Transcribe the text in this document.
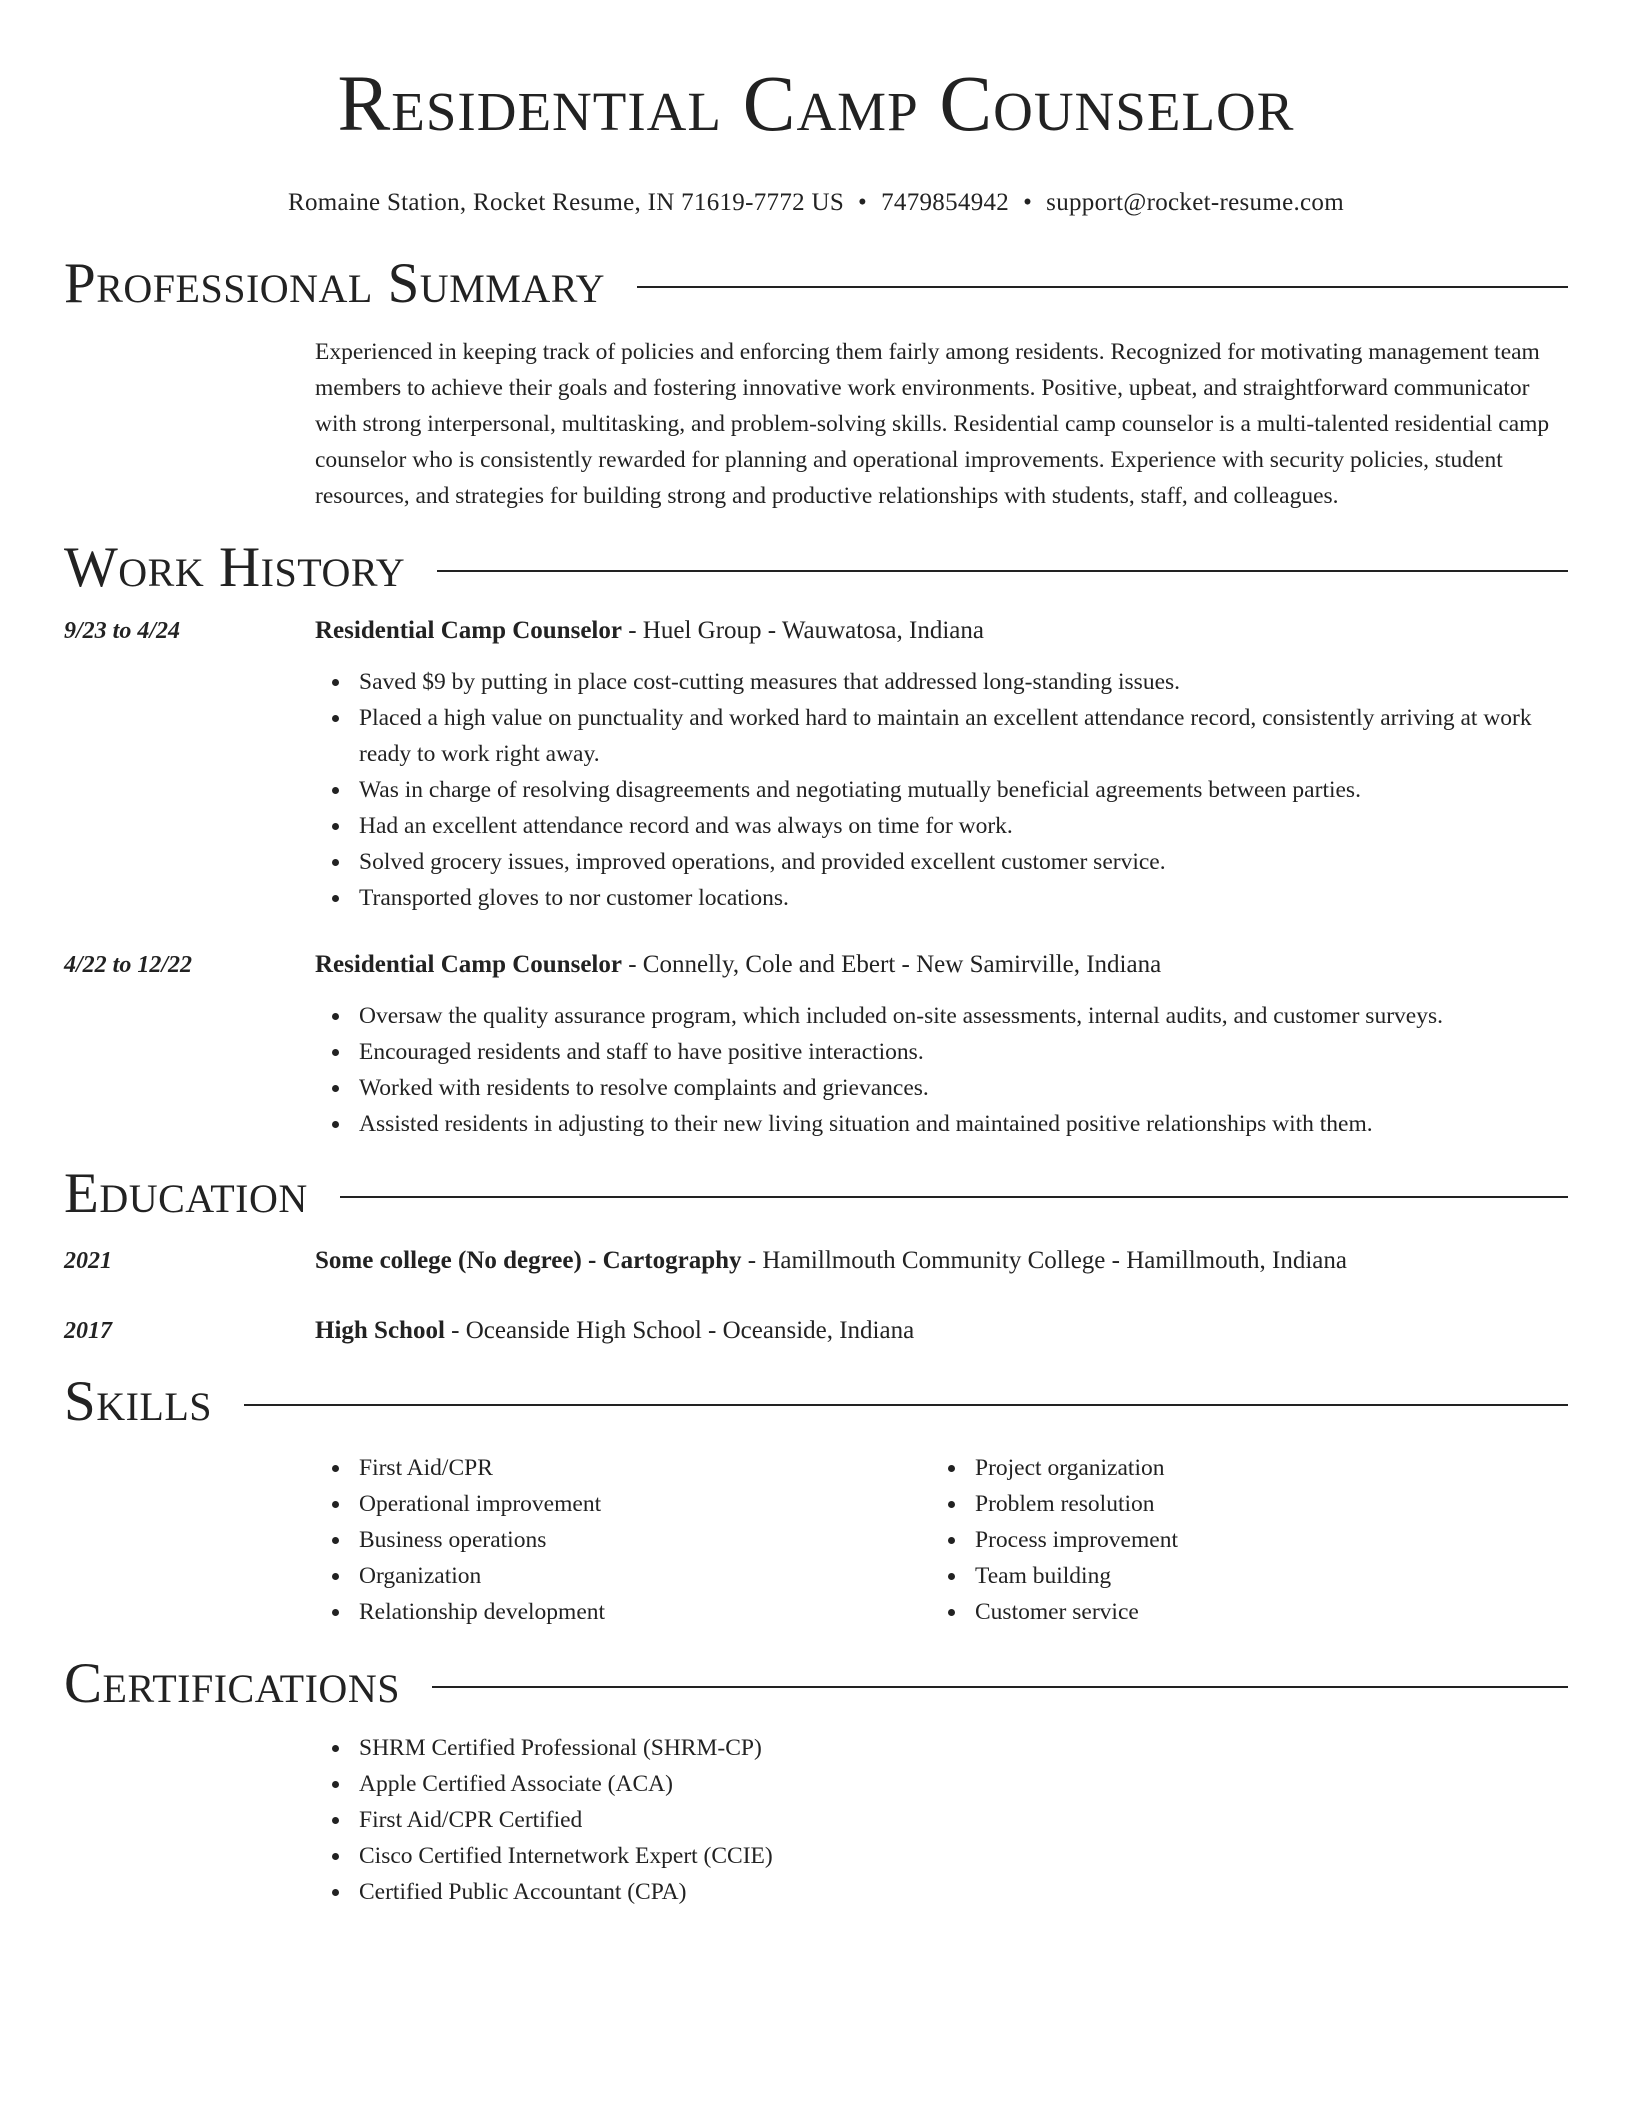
Residential Camp Counselor
Romaine Station, Rocket Resume, IN 71619-7772 US • 7479854942 • support@rocket-resume.com
Professional Summary
Experienced in keeping track of policies and enforcing them fairly among residents. Recognized for motivating management team members to achieve their goals and fostering innovative work environments. Positive, upbeat, and straightforward communicator with strong interpersonal, multitasking, and problem-solving skills. Residential camp counselor is a multi-talented residential camp counselor who is consistently rewarded for planning and operational improvements. Experience with security policies, student resources, and strategies for building strong and productive relationships with students, staff, and colleagues.
Work History
9/23 to 4/24	Residential Camp Counselor - Huel Group - Wauwatosa, Indiana
Saved $9 by putting in place cost-cutting measures that addressed long-standing issues.
Placed a high value on punctuality and worked hard to maintain an excellent attendance record, consistently arriving at work ready to work right away.
Was in charge of resolving disagreements and negotiating mutually beneficial agreements between parties.
Had an excellent attendance record and was always on time for work.
Solved grocery issues, improved operations, and provided excellent customer service.
Transported gloves to nor customer locations.
4/22 to 12/22	Residential Camp Counselor - Connelly, Cole and Ebert - New Samirville, Indiana
Oversaw the quality assurance program, which included on-site assessments, internal audits, and customer surveys.
Encouraged residents and staff to have positive interactions.
Worked with residents to resolve complaints and grievances.
Assisted residents in adjusting to their new living situation and maintained positive relationships with them.
Education
2021	Some college (No degree) - Cartography - Hamillmouth Community College - Hamillmouth, Indiana
2017	High School - Oceanside High School - Oceanside, Indiana
Skills
First Aid/CPR
Operational improvement
Business operations
Organization
Relationship development
Project organization
Problem resolution
Process improvement
Team building
Customer service
Certifications
SHRM Certified Professional (SHRM-CP)
Apple Certified Associate (ACA)
First Aid/CPR Certified
Cisco Certified Internetwork Expert (CCIE)
Certified Public Accountant (CPA)
